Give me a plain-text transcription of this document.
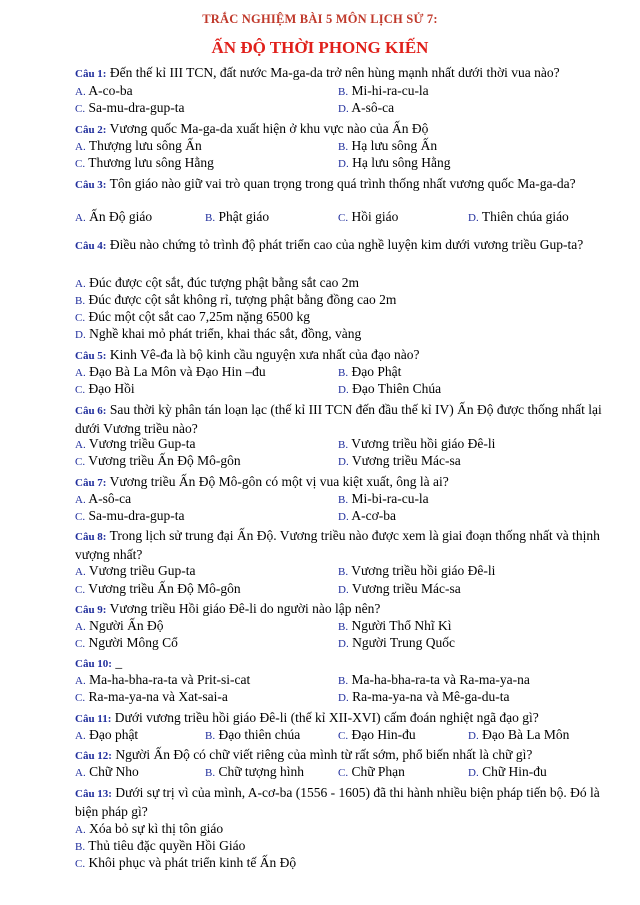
TRẮC NGHIỆM BÀI 5 MÔN LỊCH SỬ 7:
ẤN ĐỘ THỜI PHONG KIẾN
Câu 1: Đến thế kỉ III TCN, đất nước Ma-ga-da trở nên hùng mạnh nhất dưới thời vua nào?
A. A-co-ba	B. Mi-hi-ra-cu-la
C. Sa-mu-dra-gup-ta	D. A-sô-ca
Câu 2: Vương quốc Ma-ga-da xuất hiện ở khu vực nào của Ấn Độ
A. Thượng lưu sông Ấn	B. Hạ lưu sông Ấn
C. Thương lưu sông Hằng	D. Hạ lưu sông Hằng
Câu 3: Tôn giáo nào giữ vai trò quan trọng trong quá trình thống nhất vương quốc Ma-ga-da?
A. Ấn Độ giáo	B. Phật giáo	C. Hồi giáo	D. Thiên chúa giáo
Câu 4: Điều nào chứng tỏ trình độ phát triển cao của nghề luyện kim dưới vương triều Gup-ta?
A. Đúc được cột sắt, đúc tượng phật bằng sắt cao 2m
B. Đúc được cột sắt không rỉ, tượng phật bằng đồng cao 2m
C. Đúc một cột sắt cao 7,25m nặng 6500 kg
D. Nghề khai mỏ phát triển, khai thác sắt, đồng, vàng
Câu 5: Kinh Vê-đa là bộ kinh cầu nguyện xưa nhất của đạo nào?
A. Đạo Bà La Môn và Đạo Hin –đu	B. Đạo Phật
C. Đạo Hồi	D. Đạo Thiên Chúa
Câu 6: Sau thời kỳ phân tán loạn lạc (thế kỉ III TCN đến đầu thế kỉ IV) Ấn Độ được thống nhất lại dưới Vương triều nào?
A. Vương triều Gup-ta	B. Vương triều hồi giáo Đê-li
C. Vương triều Ấn Độ Mô-gôn	D. Vương triều Mác-sa
Câu 7: Vương triều Ấn Độ Mô-gôn có một vị vua kiệt xuất, ông là ai?
A. A-sô-ca	B. Mi-bi-ra-cu-la
C. Sa-mu-dra-gup-ta	D. A-cơ-ba
Câu 8: Trong lịch sử trung đại Ấn Độ. Vương triều nào được xem là giai đoạn thống nhất và thịnh vượng nhất?
A. Vương triều Gup-ta	B. Vương triều hồi giáo Đê-li
C. Vương triều Ấn Độ Mô-gôn	D. Vương triều Mác-sa
Câu 9: Vương triều Hồi giáo Đê-li do người nào lập nên?
A. Người Ấn Độ	B. Người Thổ Nhĩ Kì
C. Người Mông Cổ	D. Người Trung Quốc
Câu 10: _
A. Ma-ha-bha-ra-ta và Prit-si-cat	B. Ma-ha-bha-ra-ta và Ra-ma-ya-na
C. Ra-ma-ya-na và Xat-sai-a	D. Ra-ma-ya-na và Mê-ga-du-ta
Câu 11: Dưới vương triều hồi giáo Đê-li (thế kỉ XII-XVI) cấm đoán nghiệt ngã đạo gì?
A. Đạo phật	B. Đạo thiên chúa	C. Đạo Hin-đu	D. Đạo Bà La Môn
Câu 12: Người Ấn Độ có chữ viết riêng của mình từ rất sớm, phổ biến nhất là chữ gì?
A. Chữ Nho	B. Chữ tượng hình	C. Chữ Phạn	D. Chữ Hin-đu
Câu 13: Dưới sự trị vì của mình, A-cơ-ba (1556 - 1605) đã thi hành nhiều biện pháp tiến bộ. Đó là biện pháp gì?
A. Xóa bỏ sự kì thị tôn giáo
B. Thủ tiêu đặc quyền Hồi Giáo
C. Khôi phục và phát triển kinh tế Ấn Độ
